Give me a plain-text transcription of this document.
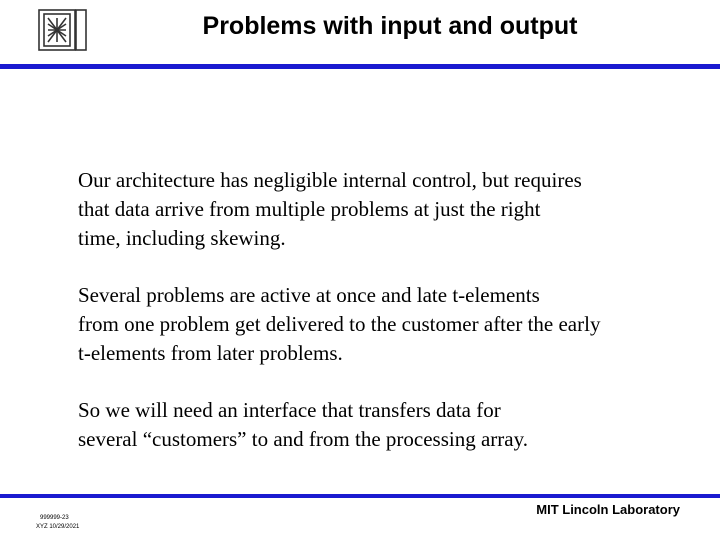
Problems with input and output

Our architecture has negligible internal control, but requires
that data arrive from multiple problems at just the right
time, including skewing.

Several problems are active at once and late t-elements
from one problem get delivered to the customer after the early
t-elements from later problems.

So we will need an interface that transfers data for
several “customers” to and from the processing array.

999999-23
XYZ 10/29/2021
MIT Lincoln Laboratory
